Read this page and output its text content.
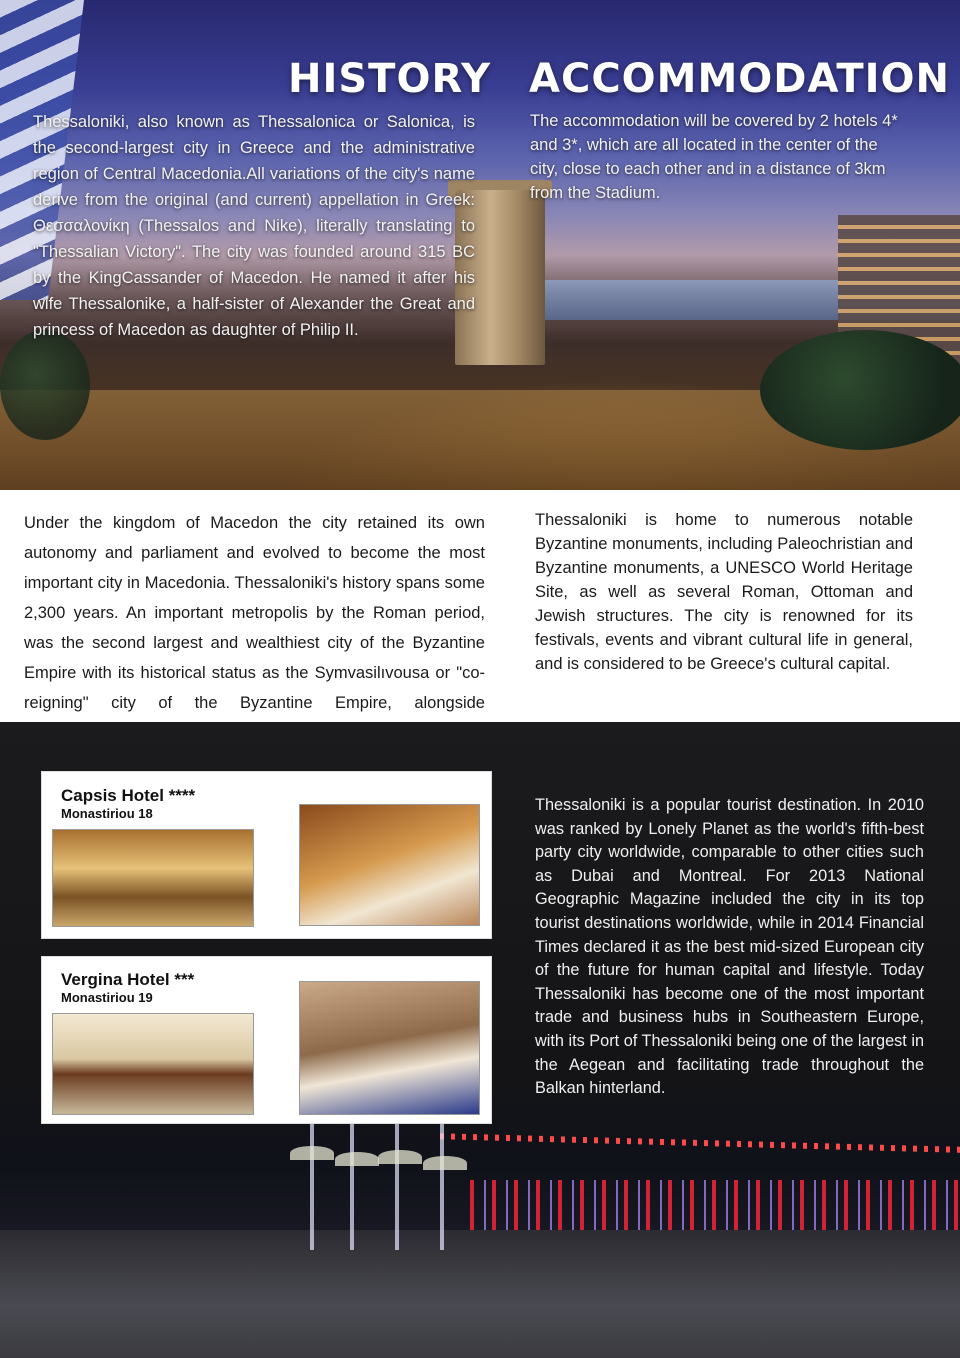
HISTORY ACCOMMODATION
Thessaloniki, also known as Thessalonica or Salonica, is the second-largest city in Greece and the administrative region of Central Macedonia.All variations of the city's name derive from the original (and current) appellation in Greek: Θεσσαλονίκη (Thessalos and Nike), literally translating to "Thessalian Victory". The city was founded around 315 BC by the KingCassander of Macedon. He named it after his wife Thessalonike, a half-sister of Alexander the Great and princess of Macedon as daughter of Philip II.
The accommodation will be covered by 2 hotels 4* and 3*, which are all located in the center of the city, close to each other and in a distance of 3km from the Stadium.
Under the kingdom of Macedon the city retained its own autonomy and parliament and evolved to become the most important city in Macedonia. Thessaloniki's history spans some 2,300 years. An important metropolis by the Roman period, was the second largest and wealthiest city of the Byzantine Empire with its historical status as the Symvasilıvousa or "co-reigning" city of the Byzantine Empire, alongside
Thessaloniki is home to numerous notable Byzantine monuments, including Paleochristian and Byzantine monuments, a UNESCO World Heritage Site, as well as several Roman, Ottoman and Jewish structures. The city is renowned for its festivals, events and vibrant cultural life in general, and is considered to be Greece's cultural capital.
Capsis Hotel ****
Monastiriou 18
Vergina Hotel ***
Monastiriou 19
Thessaloniki is a popular tourist destination. In 2010 was ranked by Lonely Planet as the world's fifth-best party city worldwide, comparable to other cities such as Dubai and Montreal. For 2013 National Geographic Magazine included the city in its top tourist destinations worldwide, while in 2014 Financial Times declared it as the best mid-sized European city of the future for human capital and lifestyle. Today Thessaloniki has become one of the most important trade and business hubs in Southeastern Europe, with its Port of Thessaloniki being one of the largest in the Aegean and facilitating trade throughout the Balkan hinterland.
